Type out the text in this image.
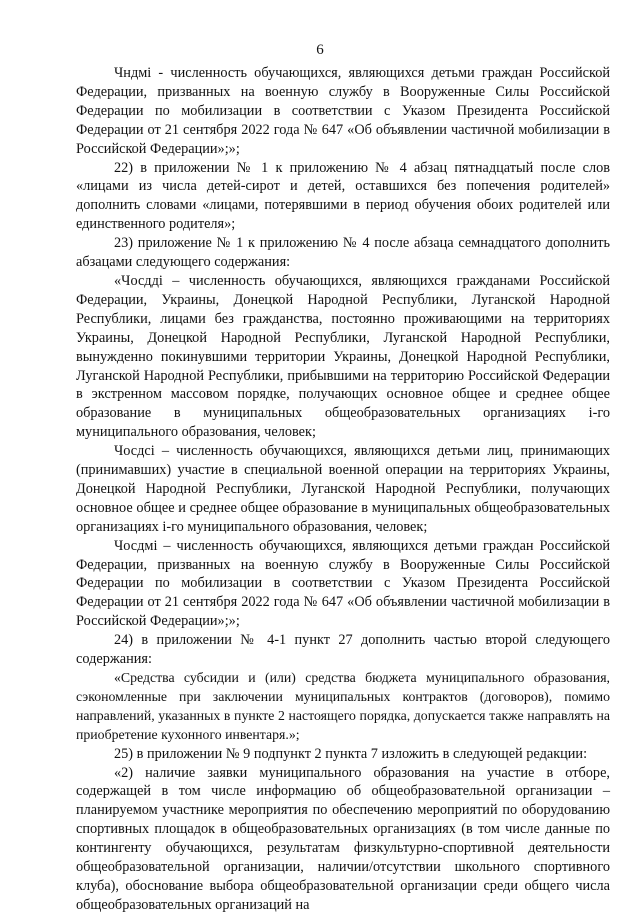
6

Чндмi - численность обучающихся, являющихся детьми граждан Российской Федерации, призванных на военную службу в Вооруженные Силы Российской Федерации по мобилизации в соответствии с Указом Президента Российской Федерации от 21 сентября 2022 года № 647 «Об объявлении частичной мобилизации в Российской Федерации»;»;

22) в приложении № 1 к приложению № 4 абзац пятнадцатый после слов «лицами из числа детей-сирот и детей, оставшихся без попечения родителей» дополнить словами «лицами, потерявшими в период обучения обоих родителей или единственного родителя»;

23) приложение № 1 к приложению № 4 после абзаца семнадцатого дополнить абзацами следующего содержания:

«Чосддi – численность обучающихся, являющихся гражданами Российской Федерации, Украины, Донецкой Народной Республики, Луганской Народной Республики, лицами без гражданства, постоянно проживающими на территориях Украины, Донецкой Народной Республики, Луганской Народной Республики, вынужденно покинувшими территории Украины, Донецкой Народной Республики, Луганской Народной Республики, прибывшими на территорию Российской Федерации в экстренном массовом порядке, получающих основное общее и среднее общее образование в муниципальных общеобразовательных организациях i-го муниципального образования, человек;

Чосдсi – численность обучающихся, являющихся детьми лиц, принимающих (принимавших) участие в специальной военной операции на территориях Украины, Донецкой Народной Республики, Луганской Народной Республики, получающих основное общее и среднее общее образование в муниципальных общеобразовательных организациях i-го муниципального образования, человек;

Чосдмi – численность обучающихся, являющихся детьми граждан Российской Федерации, призванных на военную службу в Вооруженные Силы Российской Федерации по мобилизации в соответствии с Указом Президента Российской Федерации от 21 сентября 2022 года № 647 «Об объявлении частичной мобилизации в Российской Федерации»;»;

24) в приложении № 4-1 пункт 27 дополнить частью второй следующего содержания:

«Средства субсидии и (или) средства бюджета муниципального образования, сэкономленные при заключении муниципальных контрактов (договоров), помимо направлений, указанных в пункте 2 настоящего порядка, допускается также направлять на приобретение кухонного инвентаря.»;

25) в приложении № 9 подпункт 2 пункта 7 изложить в следующей редакции:

«2) наличие заявки муниципального образования на участие в отборе, содержащей в том числе информацию об общеобразовательной организации – планируемом участнике мероприятия по обеспечению мероприятий по оборудованию спортивных площадок в общеобразовательных организациях (в том числе данные по контингенту обучающихся, результатам физкультурно-спортивной деятельности общеобразовательной организации, наличии/отсутствии школьного спортивного клуба), обоснование выбора общеобразовательной организации среди общего числа общеобразовательных организаций на
